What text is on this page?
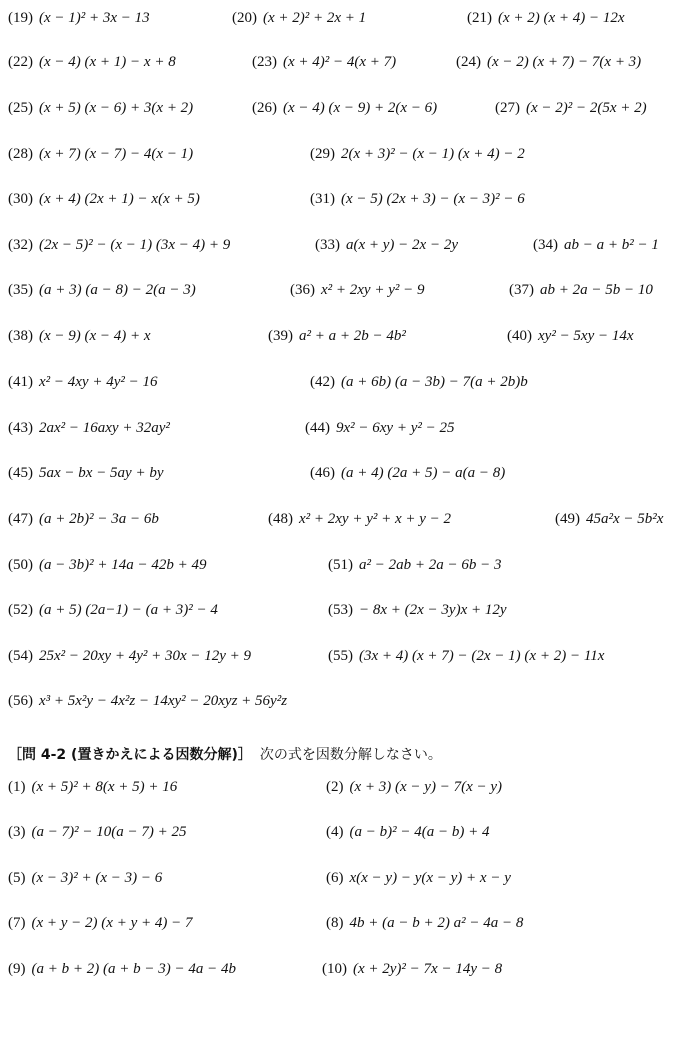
(19) (x − 1)² + 3x − 13	(20) (x + 2)² + 2x + 1	(21) (x + 2) (x + 4) − 12x
(22) (x − 4) (x + 1) − x + 8	(23) (x + 4)² − 4(x + 7)	(24) (x − 2) (x + 7) − 7(x + 3)
(25) (x + 5) (x − 6) + 3(x + 2)	(26) (x − 4) (x − 9) + 2(x − 6)	(27) (x − 2)² − 2(5x + 2)
(28) (x + 7) (x − 7) − 4(x − 1)	(29) 2(x + 3)² − (x − 1) (x + 4) − 2
(30) (x + 4) (2x + 1) − x(x + 5)	(31) (x − 5) (2x + 3) − (x − 3)² − 6
(32) (2x − 5)² − (x − 1) (3x − 4) + 9	(33) a(x + y) − 2x − 2y	(34) ab − a + b² − 1
(35) (a + 3) (a − 8) − 2(a − 3)	(36) x² + 2xy + y² − 9	(37) ab + 2a − 5b − 10
(38) (x − 9) (x − 4) + x	(39) a² + a + 2b − 4b²	(40) xy² − 5xy − 14x
(41) x² − 4xy + 4y² − 16	(42) (a + 6b) (a − 3b) − 7(a + 2b)b
(43) 2ax² − 16axy + 32ay²	(44) 9x² − 6xy + y² − 25
(45) 5ax − bx − 5ay + by	(46) (a + 4) (2a + 5) − a(a − 8)
(47) (a + 2b)² − 3a − 6b	(48) x² + 2xy + y² + x + y − 2	(49) 45a²x − 5b²x
(50) (a − 3b)² + 14a − 42b + 49	(51) a² − 2ab + 2a − 6b − 3
(52) (a + 5) (2a−1) − (a + 3)² − 4	(53) − 8x + (2x − 3y)x + 12y
(54) 25x² − 20xy + 4y² + 30x − 12y + 9	(55) (3x + 4) (x + 7) − (2x − 1) (x + 2) − 11x
(56) x³ + 5x²y − 4x²z − 14xy² − 20xyz + 56y²z
［問 4-2 (置きかえによる因数分解)］ 次の式を因数分解しなさい。
(1) (x + 5)² + 8(x + 5) + 16	(2) (x + 3) (x − y) − 7(x − y)
(3) (a − 7)² − 10(a − 7) + 25	(4) (a − b)² − 4(a − b) + 4
(5) (x − 3)² + (x − 3) − 6	(6) x(x − y) − y(x − y) + x − y
(7) (x + y − 2) (x + y + 4) − 7	(8) 4b + (a − b + 2) a² − 4a − 8
(9) (a + b + 2) (a + b − 3) − 4a − 4b	(10) (x + 2y)² − 7x − 14y − 8
